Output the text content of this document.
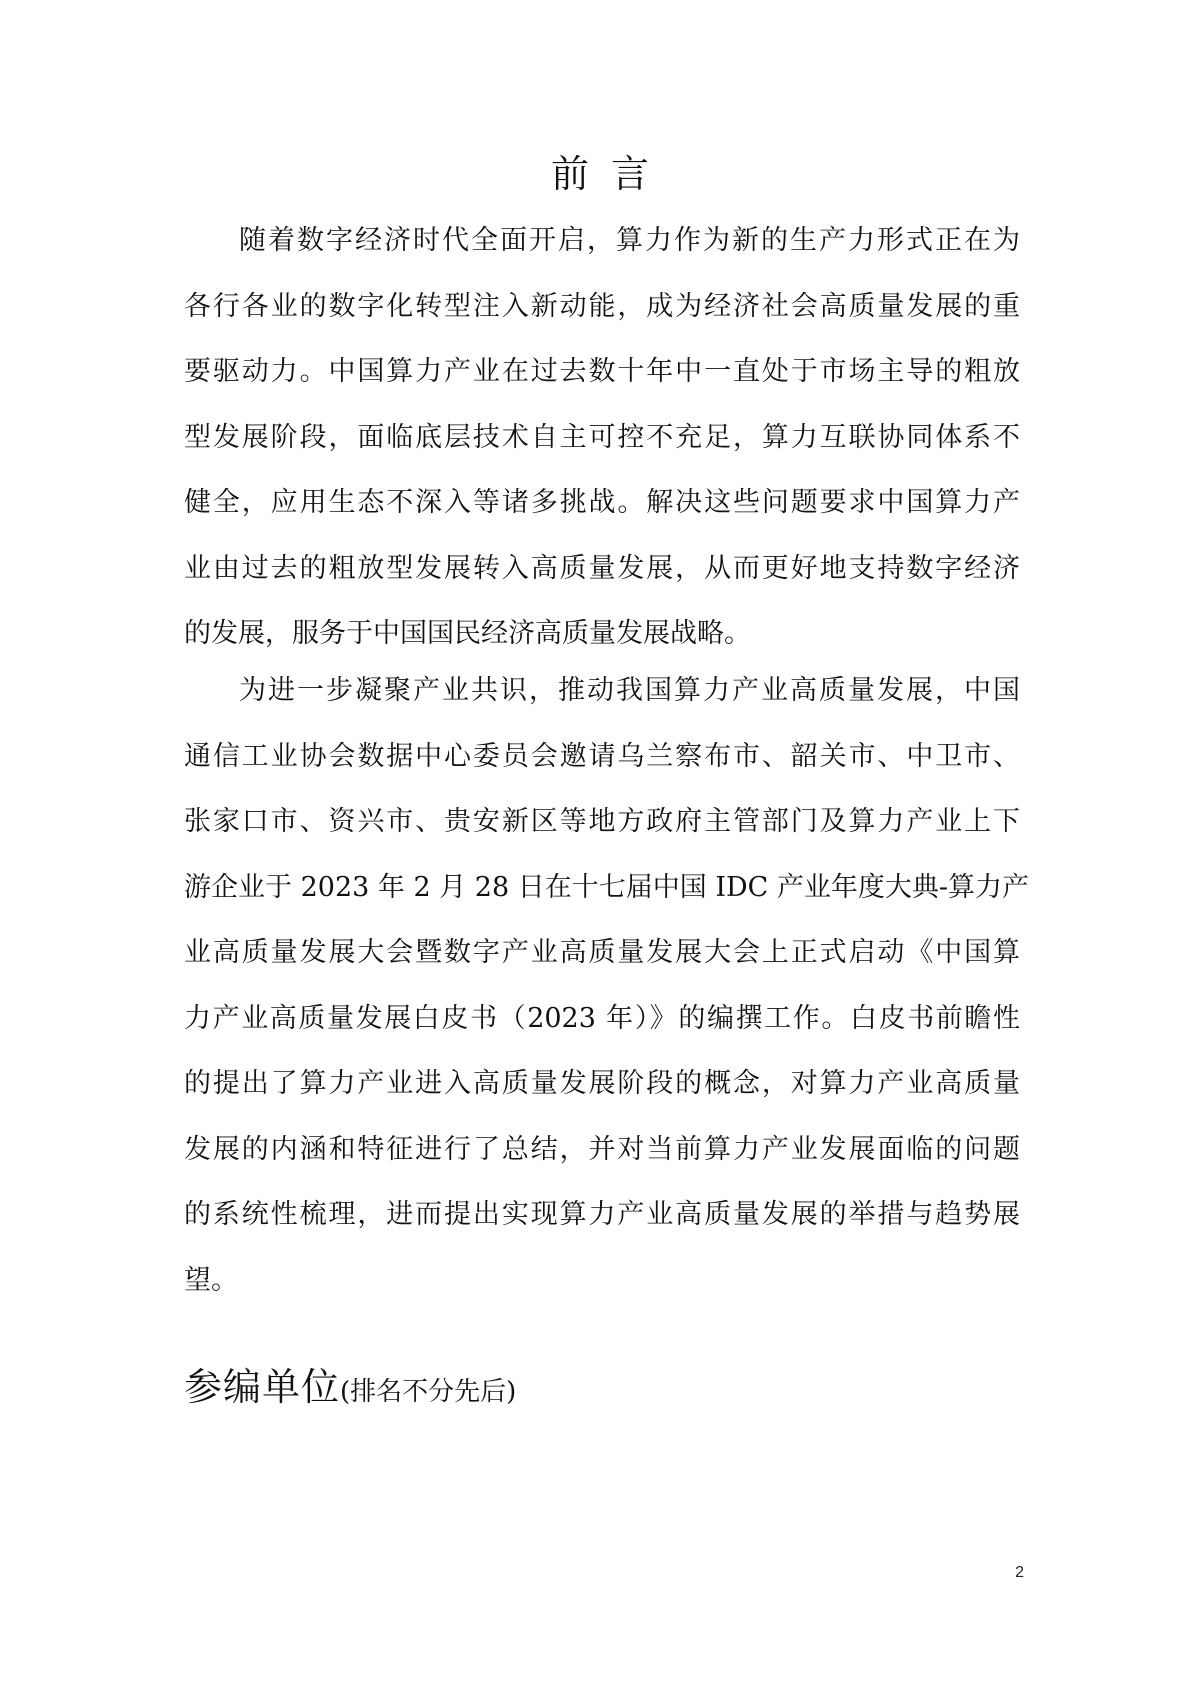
前言
随着数字经济时代全面开启，算力作为新的生产力形式正在为
各行各业的数字化转型注入新动能，成为经济社会高质量发展的重
要驱动力。中国算力产业在过去数十年中一直处于市场主导的粗放
型发展阶段，面临底层技术自主可控不充足，算力互联协同体系不
健全，应用生态不深入等诸多挑战。解决这些问题要求中国算力产
业由过去的粗放型发展转入高质量发展，从而更好地支持数字经济
的发展，服务于中国国民经济高质量发展战略。
为进一步凝聚产业共识，推动我国算力产业高质量发展，中国
通信工业协会数据中心委员会邀请乌兰察布市、韶关市、中卫市、
张家口市、资兴市、贵安新区等地方政府主管部门及算力产业上下
游企业于 2023 年 2 月 28 日在十七届中国 IDC 产业年度大典-算力产
业高质量发展大会暨数字产业高质量发展大会上正式启动《中国算
力产业高质量发展白皮书（2023 年）》的编撰工作。白皮书前瞻性
的提出了算力产业进入高质量发展阶段的概念，对算力产业高质量
发展的内涵和特征进行了总结，并对当前算力产业发展面临的问题
的系统性梳理，进而提出实现算力产业高质量发展的举措与趋势展
望。
参编单位(排名不分先后)
2
